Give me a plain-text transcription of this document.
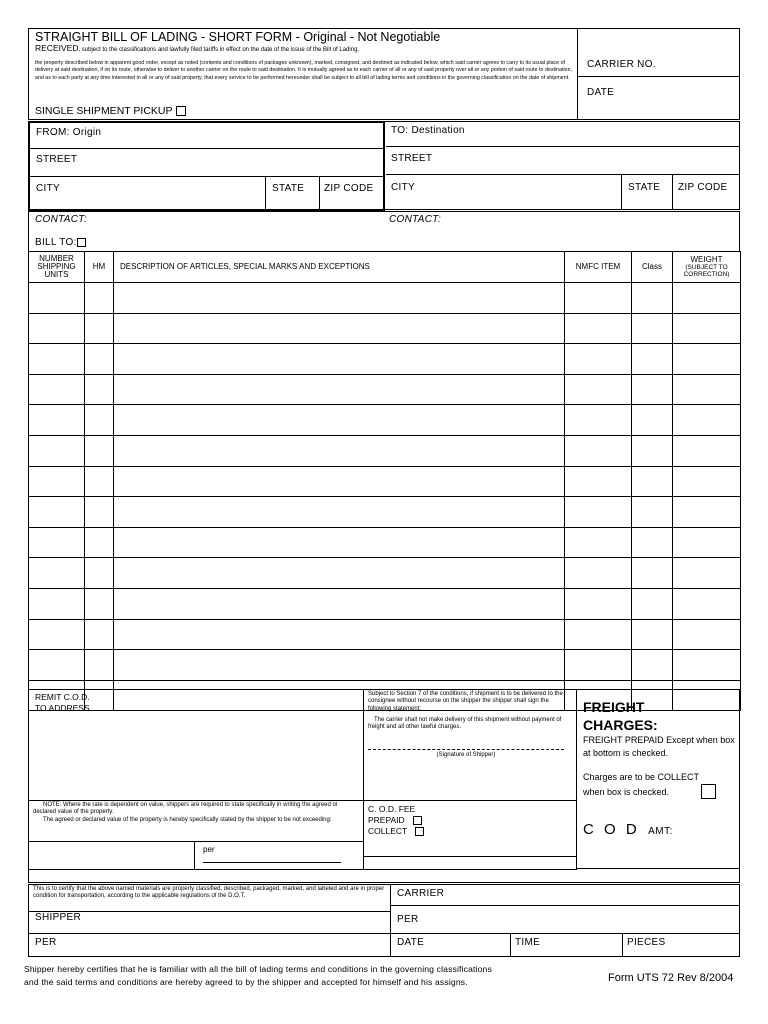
STRAIGHT BILL OF LADING - SHORT FORM - Original - Not Negotiable
RECEIVED, subject to the classifications and lawfully filed tariffs in effect on the date of the issue of the Bill of Lading,
the property described below in apparent good order, except as noted (contents and conditions of packages unknown), marked, consigned, and destined as indicated below, which said carrier agrees to carry to its usual place of delivery at said destination, if on its route, otherwise to deliver to another carrier on the route to said destination. It is mutually agreed as to each carrier of all or any of said property over all or any portion of said route to destination, and as to each party at any time interested in all or any of said property, that every service to be performed hereunder shall be subject to all bill of lading terms and conditions in the governing classification on the date of shipment.
SINGLE SHIPMENT PICKUP
CARRIER NO.
DATE
FROM: Origin
STREET
CITY	STATE ZIP CODE
TO: Destination
STREET
CITY	STATE ZIP CODE
CONTACT:	CONTACT:
BILL TO:
NUMBER SHIPPING UNITS	HM	DESCRIPTION OF ARTICLES, SPECIAL MARKS AND EXCEPTIONS	NMFC ITEM	Class	WEIGHT
(SUBJECT TO CORRECTION)

REMIT C.O.D.
TO ADDRESS
Subject to Section 7 of the conditions, if shipment is to be delivered to the consignee without recourse on the shipper the shipper shall sign the following statement:
The carrier shall not make delivery of this shipment without payment of freight and all other lawful charges.
(Signature of Shipper)
FREIGHT CHARGES:
FREIGHT PREPAID Except when box at bottom is checked.
Charges are to be COLLECT when box is checked.
NOTE: Where the rate is dependent on value, shippers are required to state specifically in writing the agreed or declared value of the property.
The agreed or declared value of the property is hereby specifically stated by the shipper to be not exceeding:
C. O.D. FEE
PREPAID
COLLECT	C O D AMT:
per
This is to certify that the above named materials are properly classified, described, packaged, marked, and labeled and are in proper condition for transportation, according to the applicable regulations of the D.O.T.	CARRIER
SHIPPER	PER
PER	DATE	TIME	PIECES
Shipper hereby certifies that he is familiar with all the bill of lading terms and conditions in the governing classifications
and the said terms and conditions are hereby agreed to by the shipper and accepted for himself and his assigns.	Form UTS 72 Rev 8/2004
